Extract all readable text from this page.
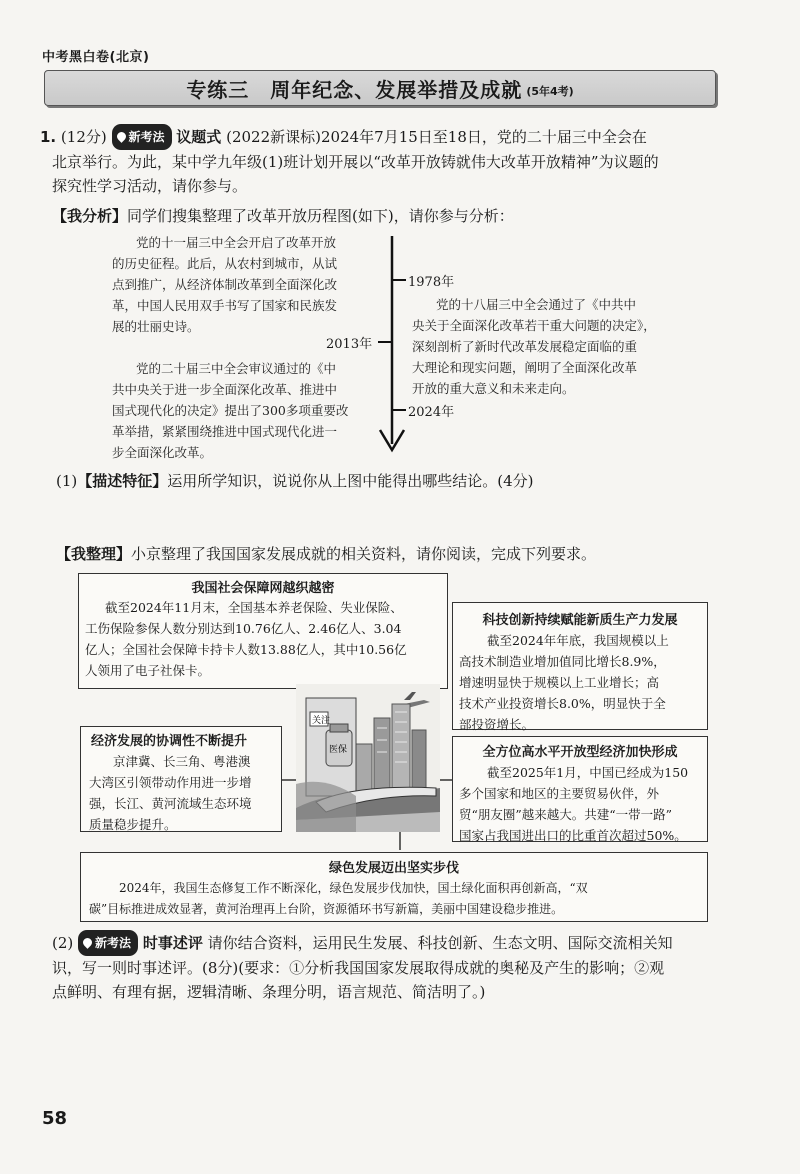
中考黑白卷(北京)
专练三　周年纪念、发展举措及成就 (5年4考)
1. (12分) 新考法 议题式 (2022新课标)2024年7月15日至18日，党的二十届三中全会在
北京举行。为此，某中学九年级(1)班计划开展以“改革开放铸就伟大改革开放精神”为议题的
探究性学习活动，请你参与。
【我分析】同学们搜集整理了改革开放历程图(如下)，请你参与分析：
党的十一届三中全会开启了改革开放
的历史征程。此后，从农村到城市，从试
点到推广，从经济体制改革到全面深化改
革，中国人民用双手书写了国家和民族发
展的壮丽史诗。
1978年
党的十八届三中全会通过了《中共中
央关于全面深化改革若干重大问题的决定》，
深刻剖析了新时代改革发展稳定面临的重
大理论和现实问题，阐明了全面深化改革
开放的重大意义和未来走向。
2013年
党的二十届三中全会审议通过的《中
共中央关于进一步全面深化改革、推进中
国式现代化的决定》提出了300多项重要改
革举措，紧紧围绕推进中国式现代化进一
步全面深化改革。
2024年
(1)【描述特征】运用所学知识，说说你从上图中能得出哪些结论。(4分)
【我整理】小京整理了我国国家发展成就的相关资料，请你阅读，完成下列要求。
我国社会保障网越织越密
截至2024年11月末，全国基本养老保险、失业保险、
工伤保险参保人数分别达到10.76亿人、2.46亿人、3.04
亿人；全国社会保障卡持卡人数13.88亿人，其中10.56亿
人领用了电子社保卡。
科技创新持续赋能新质生产力发展
截至2024年年底，我国规模以上
高技术制造业增加值同比增长8.9%，
增速明显快于规模以上工业增长；高
技术产业投资增长8.0%，明显快于全
部投资增长。
关注
医保
经济发展的协调性不断提升
京津冀、长三角、粤港澳
大湾区引领带动作用进一步增
强，长江、黄河流域生态环境
质量稳步提升。
全方位高水平开放型经济加快形成
截至2025年1月，中国已经成为150
多个国家和地区的主要贸易伙伴，外
贸“朋友圈”越来越大。共建“一带一路”
国家占我国进出口的比重首次超过50%。
绿色发展迈出坚实步伐
2024年，我国生态修复工作不断深化，绿色发展步伐加快，国土绿化面积再创新高，“双
碳”目标推进成效显著，黄河治理再上台阶，资源循环书写新篇，美丽中国建设稳步推进。
(2) 新考法 时事述评 请你结合资料，运用民生发展、科技创新、生态文明、国际交流相关知
识，写一则时事述评。(8分)(要求：①分析我国国家发展取得成就的奥秘及产生的影响；②观
点鲜明、有理有据，逻辑清晰、条理分明，语言规范、简洁明了。)
58
